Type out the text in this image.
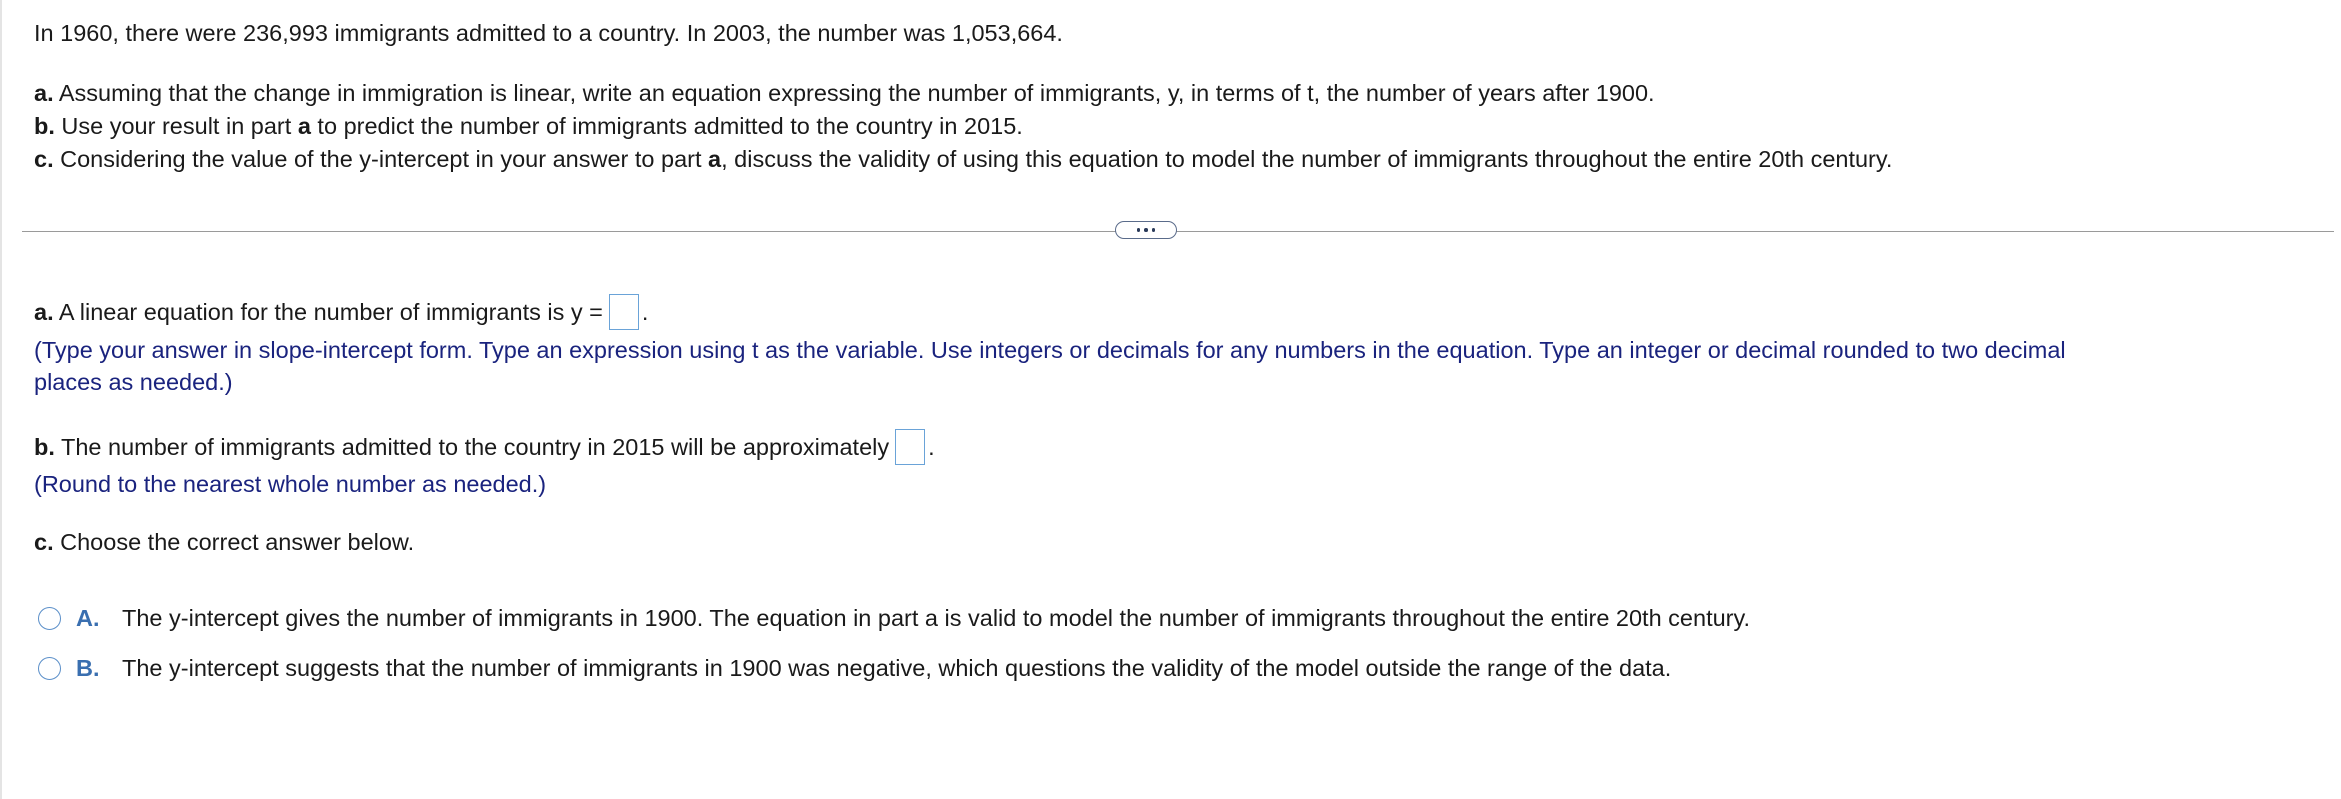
In 1960, there were 236,993 immigrants admitted to a country. In 2003, the number was 1,053,664.
a. Assuming that the change in immigration is linear, write an equation expressing the number of immigrants, y, in terms of t, the number of years after 1900.
b. Use your result in part a to predict the number of immigrants admitted to the country in 2015.
c. Considering the value of the y-intercept in your answer to part a, discuss the validity of using this equation to model the number of immigrants throughout the entire 20th century.
a. A linear equation for the number of immigrants is y = .
(Type your answer in slope-intercept form. Type an expression using t as the variable. Use integers or decimals for any numbers in the equation. Type an integer or decimal rounded to two decimal
places as needed.)
b. The number of immigrants admitted to the country in 2015 will be approximately .
(Round to the nearest whole number as needed.)
c. Choose the correct answer below.
A. The y-intercept gives the number of immigrants in 1900. The equation in part a is valid to model the number of immigrants throughout the entire 20th century.
B. The y-intercept suggests that the number of immigrants in 1900 was negative, which questions the validity of the model outside the range of the data.
